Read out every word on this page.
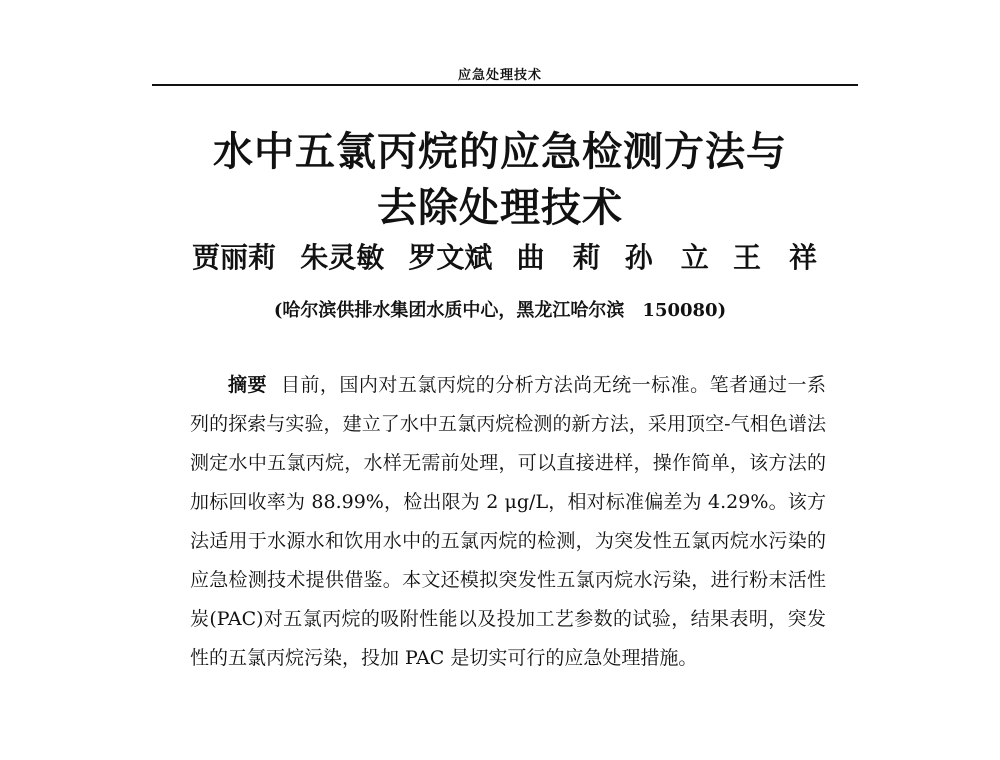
应急处理技术
水中五氯丙烷的应急检测方法与
去除处理技术
贾丽莉 朱灵敏 罗文斌 曲　莉 孙　立 王　祥
(哈尔滨供排水集团水质中心，黑龙江哈尔滨　150080)
摘要 目前，国内对五氯丙烷的分析方法尚无统一标准。笔者通过一系列的探索与实验，建立了水中五氯丙烷检测的新方法，采用顶空-气相色谱法测定水中五氯丙烷，水样无需前处理，可以直接进样，操作简单，该方法的加标回收率为 88.99%，检出限为 2 μg/L，相对标准偏差为 4.29%。该方法适用于水源水和饮用水中的五氯丙烷的检测，为突发性五氯丙烷水污染的应急检测技术提供借鉴。本文还模拟突发性五氯丙烷水污染，进行粉末活性炭(PAC)对五氯丙烷的吸附性能以及投加工艺参数的试验，结果表明，突发性的五氯丙烷污染，投加 PAC 是切实可行的应急处理措施。
